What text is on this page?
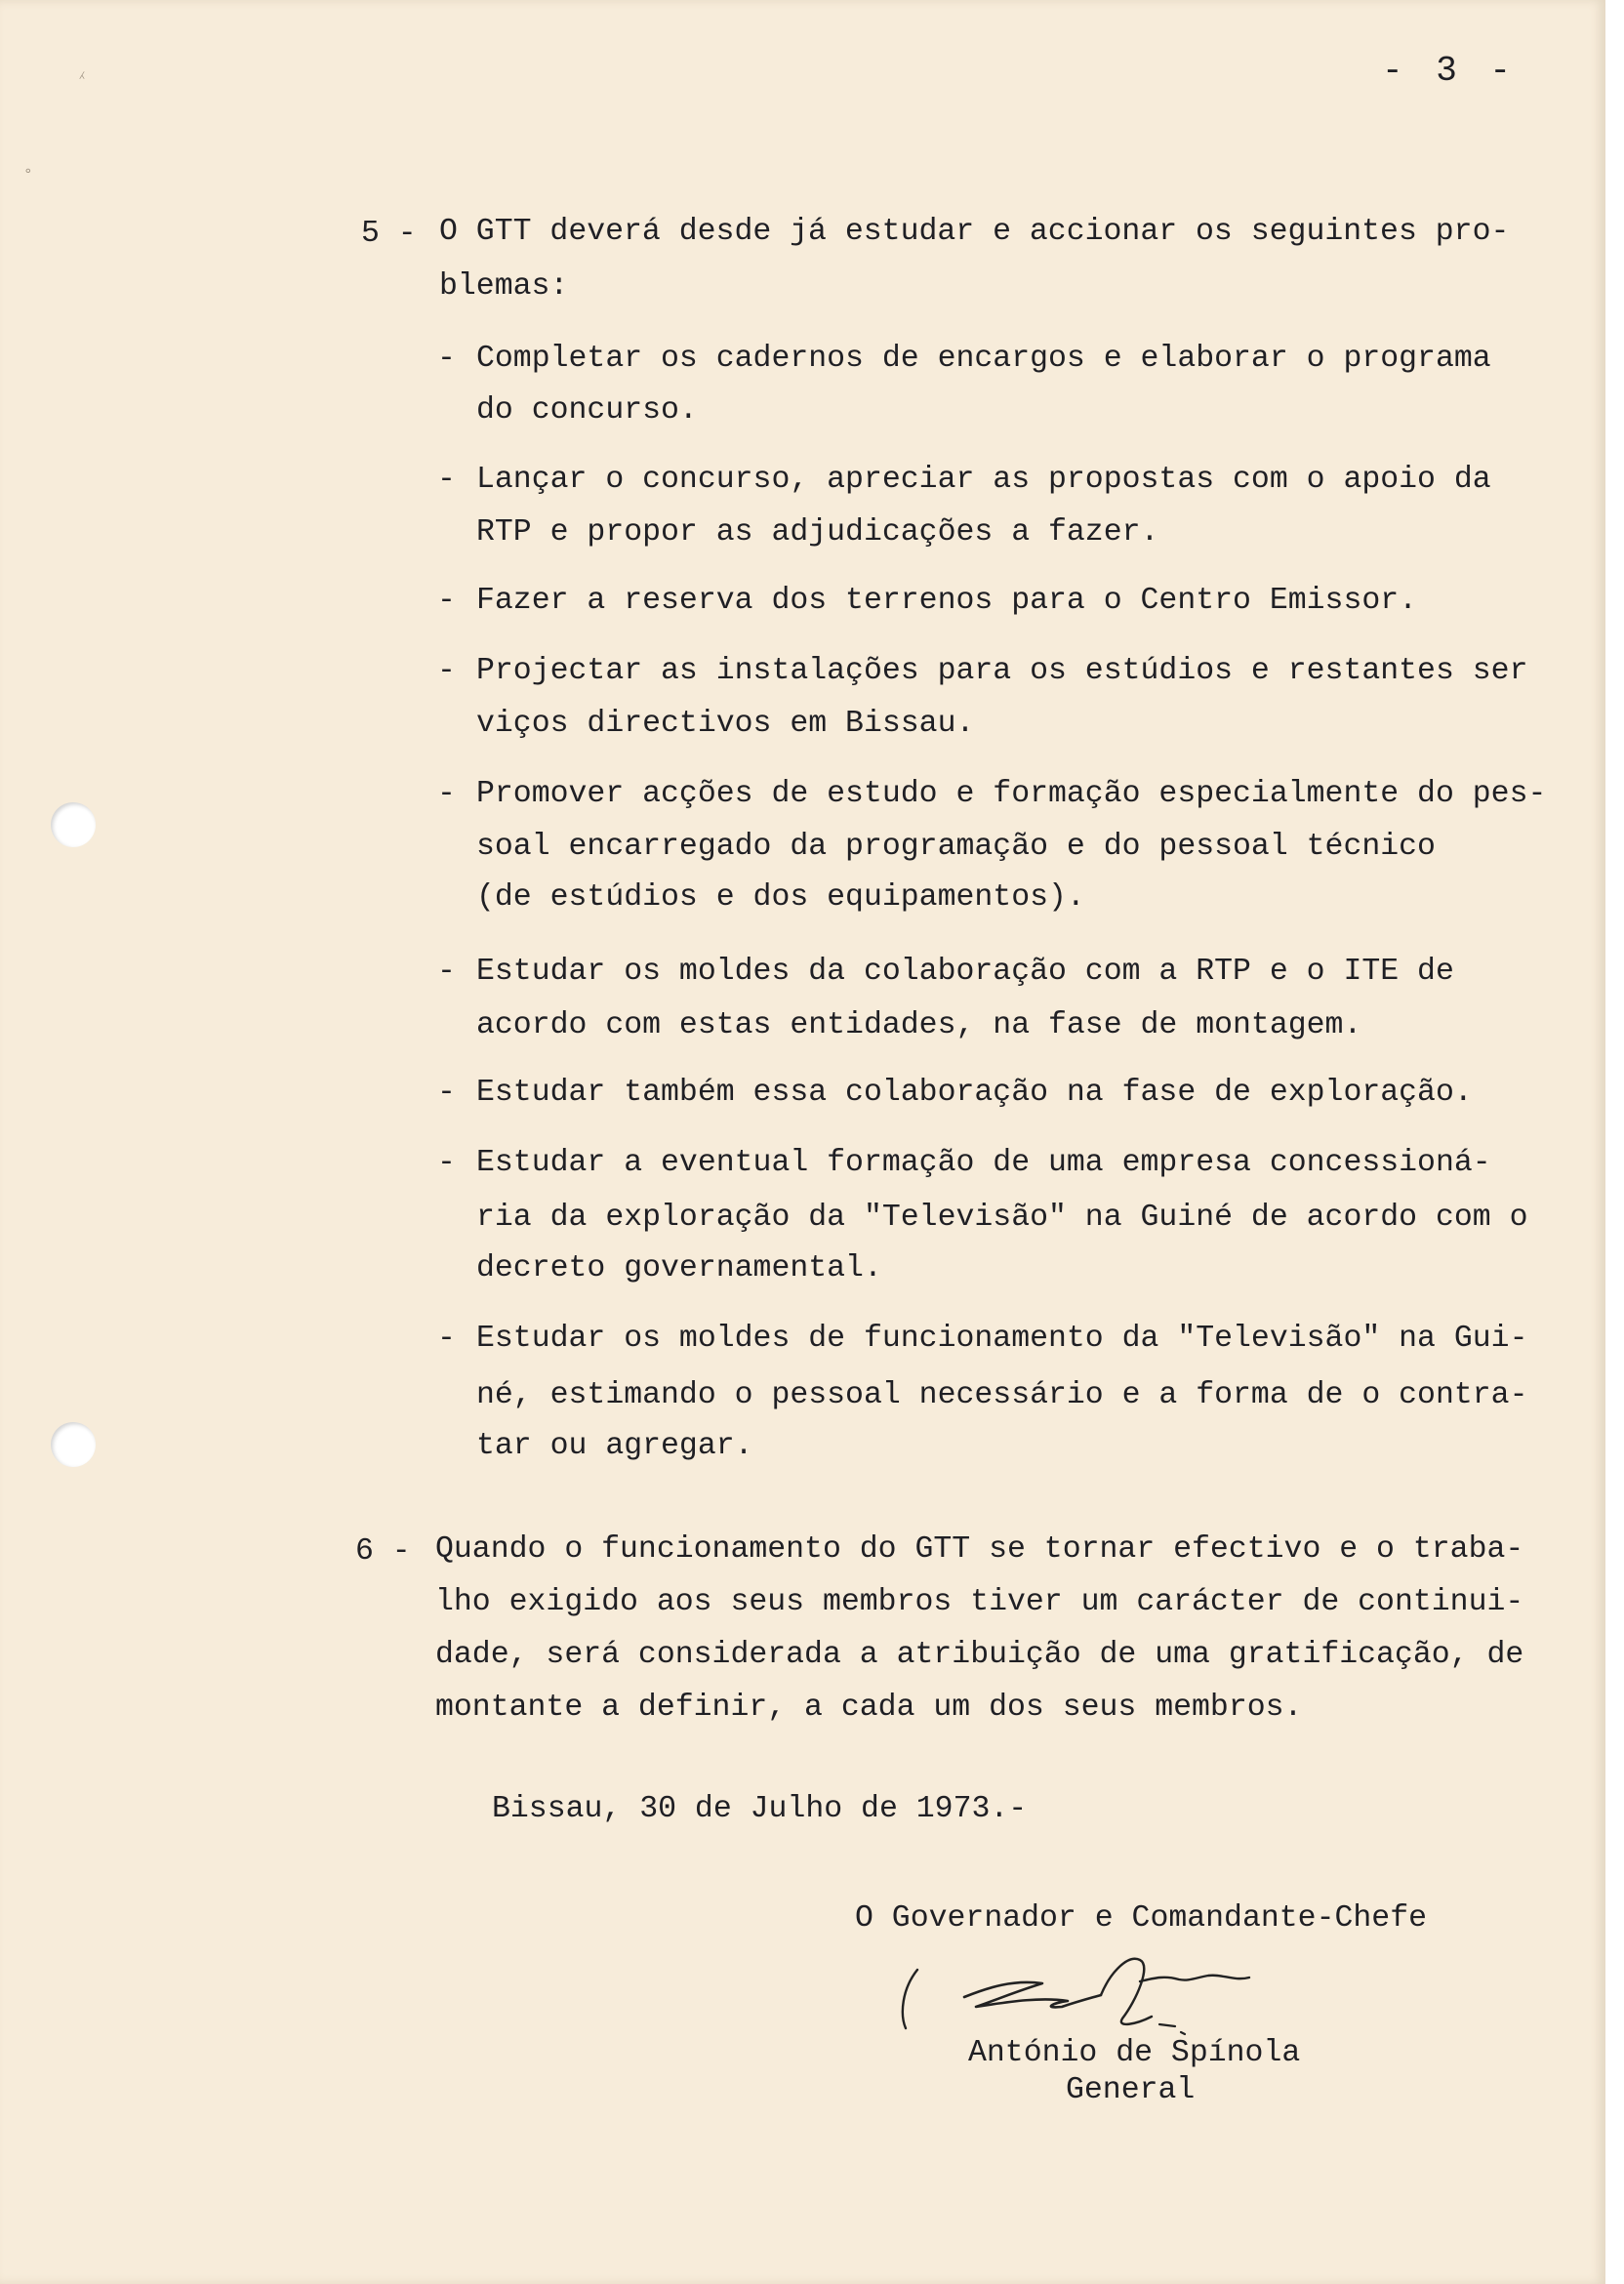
⁁
°
- 3 -
5 - O GTT deverá desde já estudar e accionar os seguintes pro-
blemas:
- Completar os cadernos de encargos e elaborar o programa
do concurso.
- Lançar o concurso, apreciar as propostas com o apoio da
RTP e propor as adjudicações a fazer.
- Fazer a reserva dos terrenos para o Centro Emissor.
- Projectar as instalações para os estúdios e restantes ser
viços directivos em Bissau.
- Promover acções de estudo e formação especialmente do pes-
soal encarregado da programação e do pessoal técnico
(de estúdios e dos equipamentos).
- Estudar os moldes da colaboração com a RTP e o ITE de
acordo com estas entidades, na fase de montagem.
- Estudar também essa colaboração na fase de exploração.
- Estudar a eventual formação de uma empresa concessioná-
ria da exploração da "Televisão" na Guiné de acordo com o
decreto governamental.
- Estudar os moldes de funcionamento da "Televisão" na Gui-
né, estimando o pessoal necessário e a forma de o contra-
tar ou agregar.
6 - Quando o funcionamento do GTT se tornar efectivo e o traba-
lho exigido aos seus membros tiver um carácter de continui-
dade, será considerada a atribuição de uma gratificação, de
montante a definir, a cada um dos seus membros.
Bissau, 30 de Julho de 1973.-
O Governador e Comandante-Chefe
António de Spínola
General
